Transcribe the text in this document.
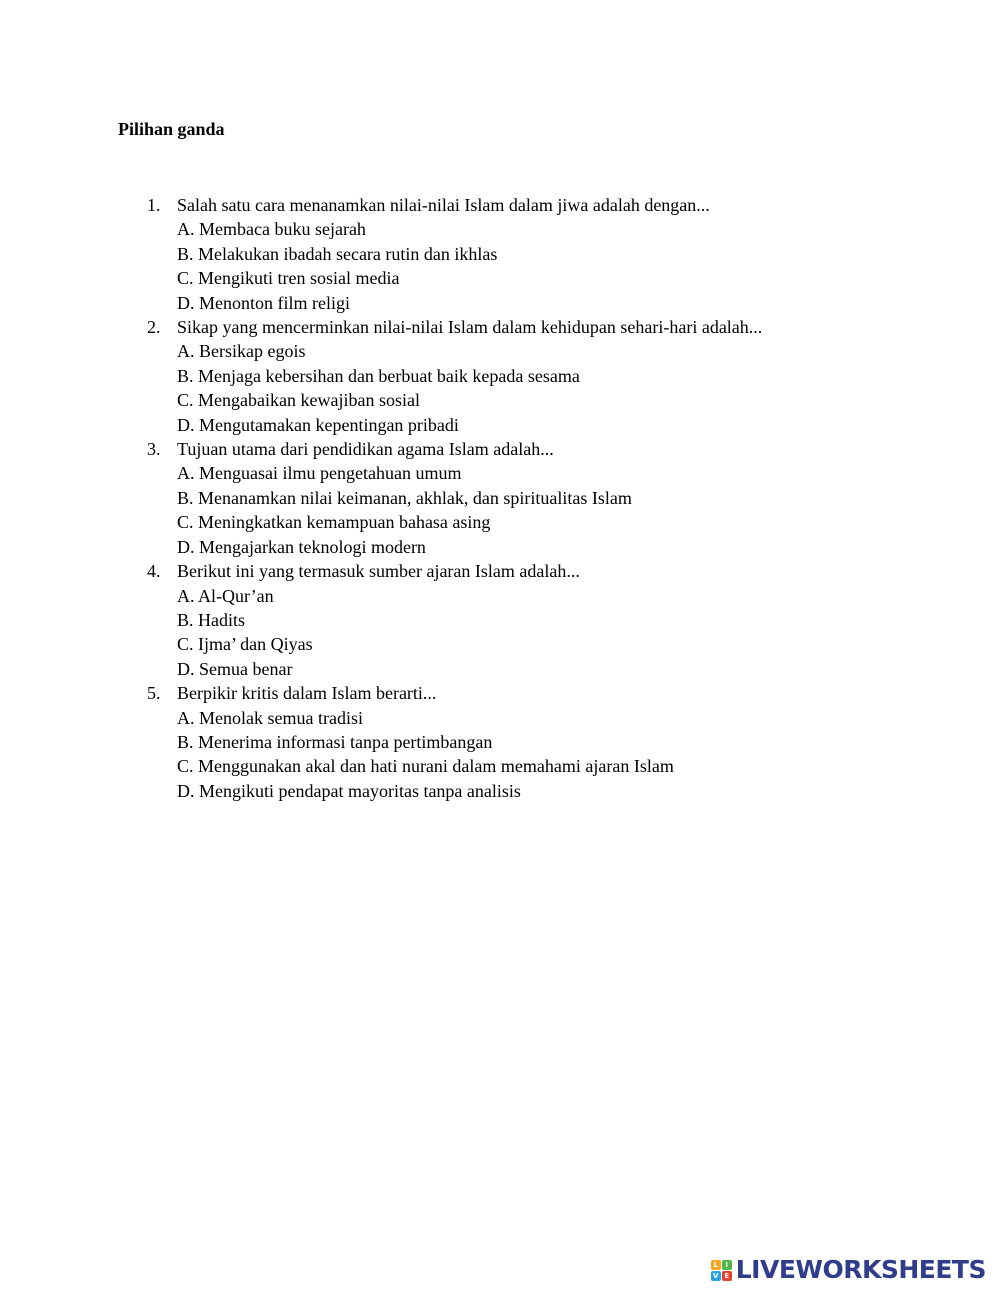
Pilihan ganda
1. Salah satu cara menanamkan nilai-nilai Islam dalam jiwa adalah dengan...
A. Membaca buku sejarah
B. Melakukan ibadah secara rutin dan ikhlas
C. Mengikuti tren sosial media
D. Menonton film religi
2. Sikap yang mencerminkan nilai-nilai Islam dalam kehidupan sehari-hari adalah...
A. Bersikap egois
B. Menjaga kebersihan dan berbuat baik kepada sesama
C. Mengabaikan kewajiban sosial
D. Mengutamakan kepentingan pribadi
3. Tujuan utama dari pendidikan agama Islam adalah...
A. Menguasai ilmu pengetahuan umum
B. Menanamkan nilai keimanan, akhlak, dan spiritualitas Islam
C. Meningkatkan kemampuan bahasa asing
D. Mengajarkan teknologi modern
4. Berikut ini yang termasuk sumber ajaran Islam adalah...
A. Al-Qur’an
B. Hadits
C. Ijma’ dan Qiyas
D. Semua benar
5. Berpikir kritis dalam Islam berarti...
A. Menolak semua tradisi
B. Menerima informasi tanpa pertimbangan
C. Menggunakan akal dan hati nurani dalam memahami ajaran Islam
D. Mengikuti pendapat mayoritas tanpa analisis
L	I
V E LIVEWORKSHEETS
